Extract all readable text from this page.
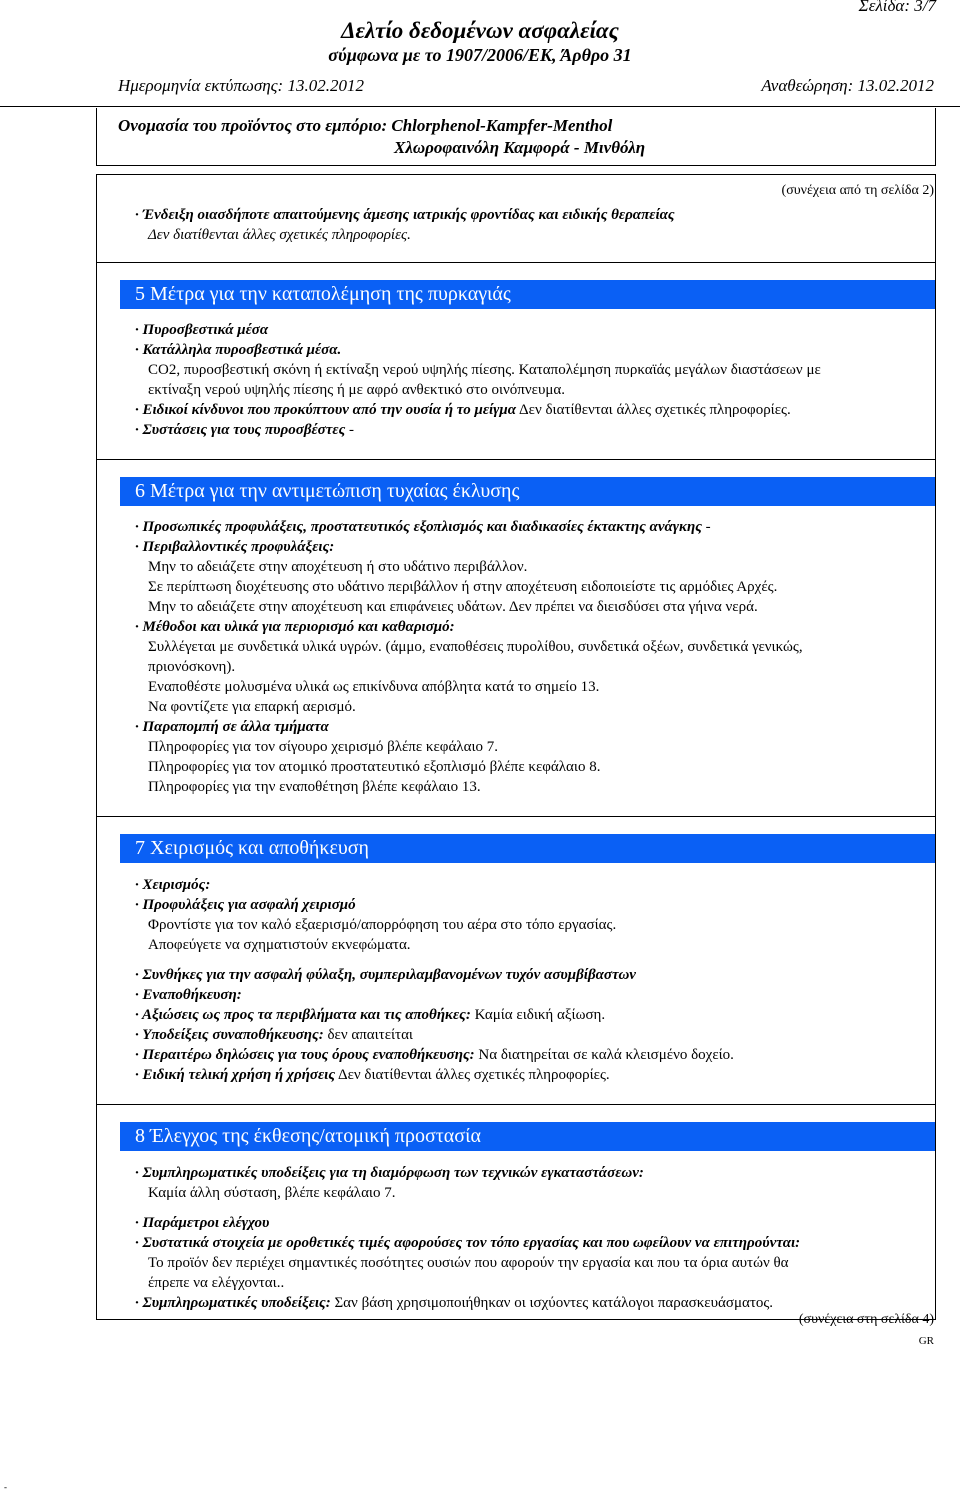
Σελίδα: 3/7
Δελτίο δεδομένων ασφαλείας
σύμφωνα με το 1907/2006/ΕΚ, Άρθρο 31
Ημερομηνία εκτύπωσης: 13.02.2012	Αναθεώρηση: 13.02.2012
Ονομασία του προϊόντος στο εμπόριο: Chlorphenol-Kampfer-Menthol
Χλωροφαινόλη Καμφορά - Μινθόλη
(συνέχεια από τη σελίδα 2)
· Ένδειξη οιασδήποτε απαιτούμενης άμεσης ιατρικής φροντίδας και ειδικής θεραπείας
Δεν διατίθενται άλλες σχετικές πληροφορίες.
5 Μέτρα για την καταπολέμηση της πυρκαγιάς
· Πυροσβεστικά μέσα
· Κατάλληλα πυροσβεστικά μέσα.
CO2, πυροσβεστική σκόνη ή εκτίναξη νερού υψηλής πίεσης. Καταπολέμηση πυρκαϊάς μεγάλων διαστάσεων με
εκτίναξη νερού υψηλής πίεσης ή με αφρό ανθεκτικό στο οινόπνευμα.
· Ειδικοί κίνδυνοι που προκύπτουν από την ουσία ή το μείγμα Δεν διατίθενται άλλες σχετικές πληροφορίες.
· Συστάσεις για τους πυροσβέστες -
6 Μέτρα για την αντιμετώπιση τυχαίας έκλυσης
· Προσωπικές προφυλάξεις, προστατευτικός εξοπλισμός και διαδικασίες έκτακτης ανάγκης -
· Περιβαλλοντικές προφυλάξεις:
Μην το αδειάζετε στην αποχέτευση ή στο υδάτινο περιβάλλον.
Σε περίπτωση διοχέτευσης στο υδάτινο περιβάλλον ή στην αποχέτευση ειδοποιείστε τις αρμόδιες Αρχές.
Μην το αδειάζετε στην αποχέτευση και επιφάνειες υδάτων. Δεν πρέπει να διεισδύσει στα γήινα νερά.
· Μέθοδοι και υλικά για περιορισμό και καθαρισμό:
Συλλέγεται με συνδετικά υλικά υγρών. (άμμο, εναποθέσεις πυρολίθου, συνδετικά οξέων, συνδετικά γενικώς,
πριονόσκονη).
Εναποθέστε μολυσμένα υλικά ως επικίνδυνα απόβλητα κατά το σημείο 13.
Να φοντίζετε για επαρκή αερισμό.
· Παραπομπή σε άλλα τμήματα
Πληροφορίες για τον σίγουρο χειρισμό βλέπε κεφάλαιο 7.
Πληροφορίες για τον ατομικό προστατευτικό εξοπλισμό βλέπε κεφάλαιο 8.
Πληροφορίες για την εναποθέτηση βλέπε κεφάλαιο 13.
7 Χειρισμός και αποθήκευση
· Χειρισμός:
· Προφυλάξεις για ασφαλή χειρισμό
Φροντίστε για τον καλό εξαερισμό/απορρόφηση του αέρα στο τόπο εργασίας.
Αποφεύγετε να σχηματιστούν εκνεφώματα.
· Συνθήκες για την ασφαλή φύλαξη, συμπεριλαμβανομένων τυχόν ασυμβίβαστων
· Εναποθήκευση:
· Αξιώσεις ως προς τα περιβλήματα και τις αποθήκες: Καμία ειδική αξίωση.
· Υποδείξεις συναποθήκευσης: δεν απαιτείται
· Περαιτέρω δηλώσεις για τους όρους εναποθήκευσης: Να διατηρείται σε καλά κλεισμένο δοχείο.
· Ειδική τελική χρήση ή χρήσεις Δεν διατίθενται άλλες σχετικές πληροφορίες.
8 Έλεγχος της έκθεσης/ατομική προστασία
· Συμπληρωματικές υποδείξεις για τη διαμόρφωση των τεχνικών εγκαταστάσεων:
Καμία άλλη σύσταση, βλέπε κεφάλαιο 7.
· Παράμετροι ελέγχου
· Συστατικά στοιχεία με οροθετικές τιμές αφορούσες τον τόπο εργασίας και που ωφείλουν να επιτηρούνται:
Το προϊόν δεν περιέχει σημαντικές ποσότητες ουσιών που αφορούν την εργασία και που τα όρια αυτών θα
έπρεπε να ελέγχονται..
· Συμπληρωματικές υποδείξεις: Σαν βάση χρησιμοποιήθηκαν οι ισχύοντες κατάλογοι παρασκευάσματος.
(συνέχεια στη σελίδα 4)
GR
-
